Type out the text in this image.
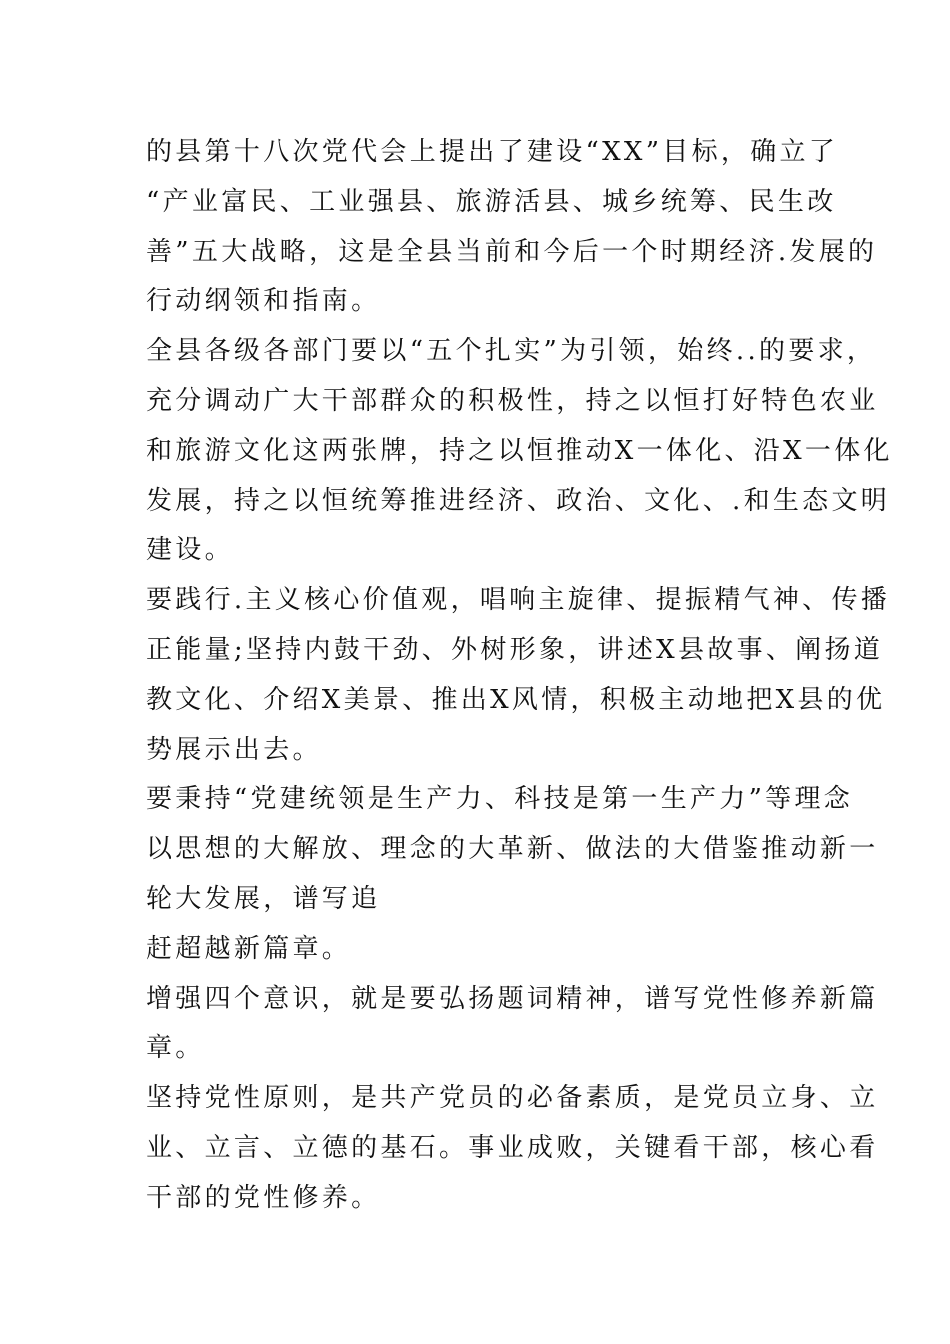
的县第十八次党代会上提出了建设“XX”目标，确立了
“产业富民、工业强县、旅游活县、城乡统筹、民生改
善”五大战略，这是全县当前和今后一个时期经济.发展的
行动纲领和指南。
全县各级各部门要以“五个扎实”为引领，始终..的要求，
充分调动广大干部群众的积极性，持之以恒打好特色农业
和旅游文化这两张牌，持之以恒推动X一体化、沿X一体化
发展，持之以恒统筹推进经济、政治、文化、.和生态文明
建设。
要践行.主义核心价值观，唱响主旋律、提振精气神、传播
正能量;坚持内鼓干劲、外树形象，讲述X县故事、阐扬道
教文化、介绍X美景、推出X风情，积极主动地把X县的优
势展示出去。
要秉持“党建统领是生产力、科技是第一生产力”等理念
以思想的大解放、理念的大革新、做法的大借鉴推动新一
轮大发展，谱写追
赶超越新篇章。
增强四个意识，就是要弘扬题词精神，谱写党性修养新篇
章。
坚持党性原则，是共产党员的必备素质，是党员立身、立
业、立言、立德的基石。事业成败，关键看干部，核心看
干部的党性修养。
